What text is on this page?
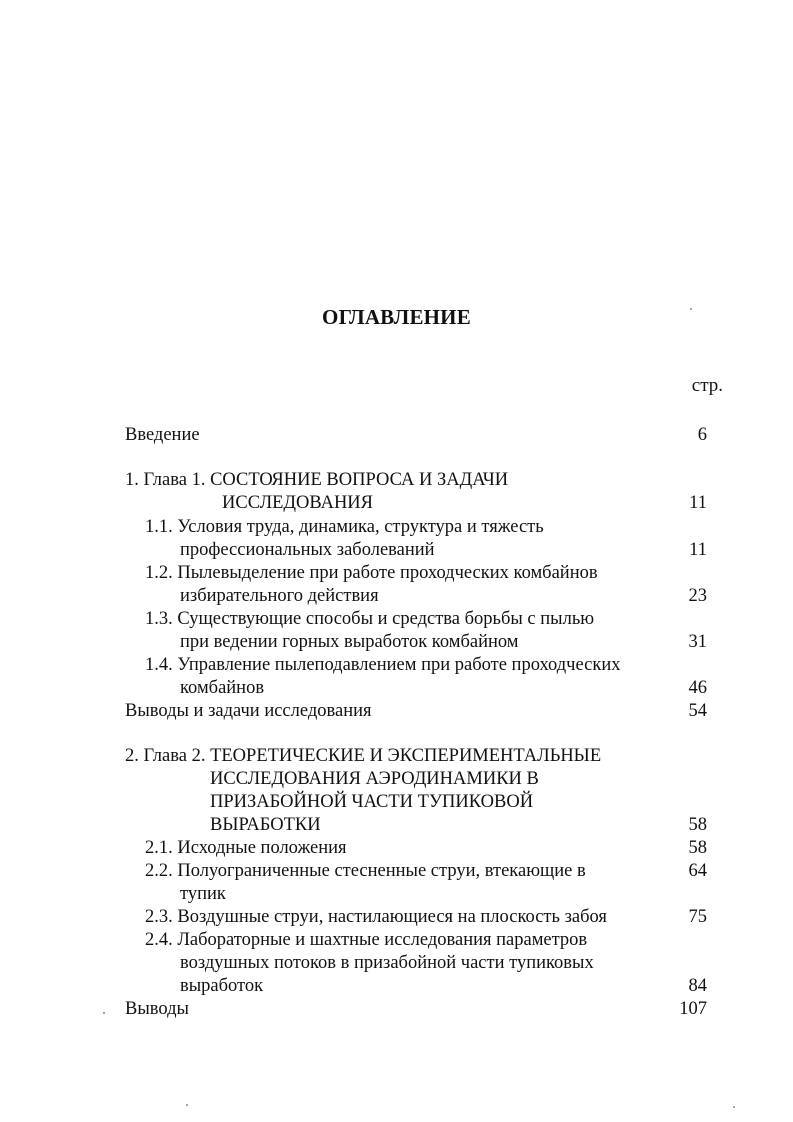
ОГЛАВЛЕНИЕ
стр.
Введение	6
1. Глава 1. СОСТОЯНИЕ ВОПРОСА И ЗАДАЧИ
ИССЛЕДОВАНИЯ	11
1.1. Условия труда, динамика, структура и тяжесть
профессиональных заболеваний	11
1.2. Пылевыделение при работе проходческих комбайнов
избирательного действия	23
1.3. Существующие способы и средства борьбы с пылью
при ведении горных выработок комбайном	31
1.4. Управление пылеподавлением при работе проходческих
комбайнов	46
Выводы и задачи исследования	54
2. Глава 2. ТЕОРЕТИЧЕСКИЕ И ЭКСПЕРИМЕНТАЛЬНЫЕ
ИССЛЕДОВАНИЯ АЭРОДИНАМИКИ В
ПРИЗАБОЙНОЙ ЧАСТИ ТУПИКОВОЙ
ВЫРАБОТКИ	58
2.1. Исходные положения	58
2.2. Полуограниченные стесненные струи, втекающие в	64
тупик
2.3. Воздушные струи, настилающиеся на плоскость забоя	75
2.4. Лабораторные и шахтные исследования параметров
воздушных потоков в призабойной части тупиковых
выработок	84
Выводы	107
